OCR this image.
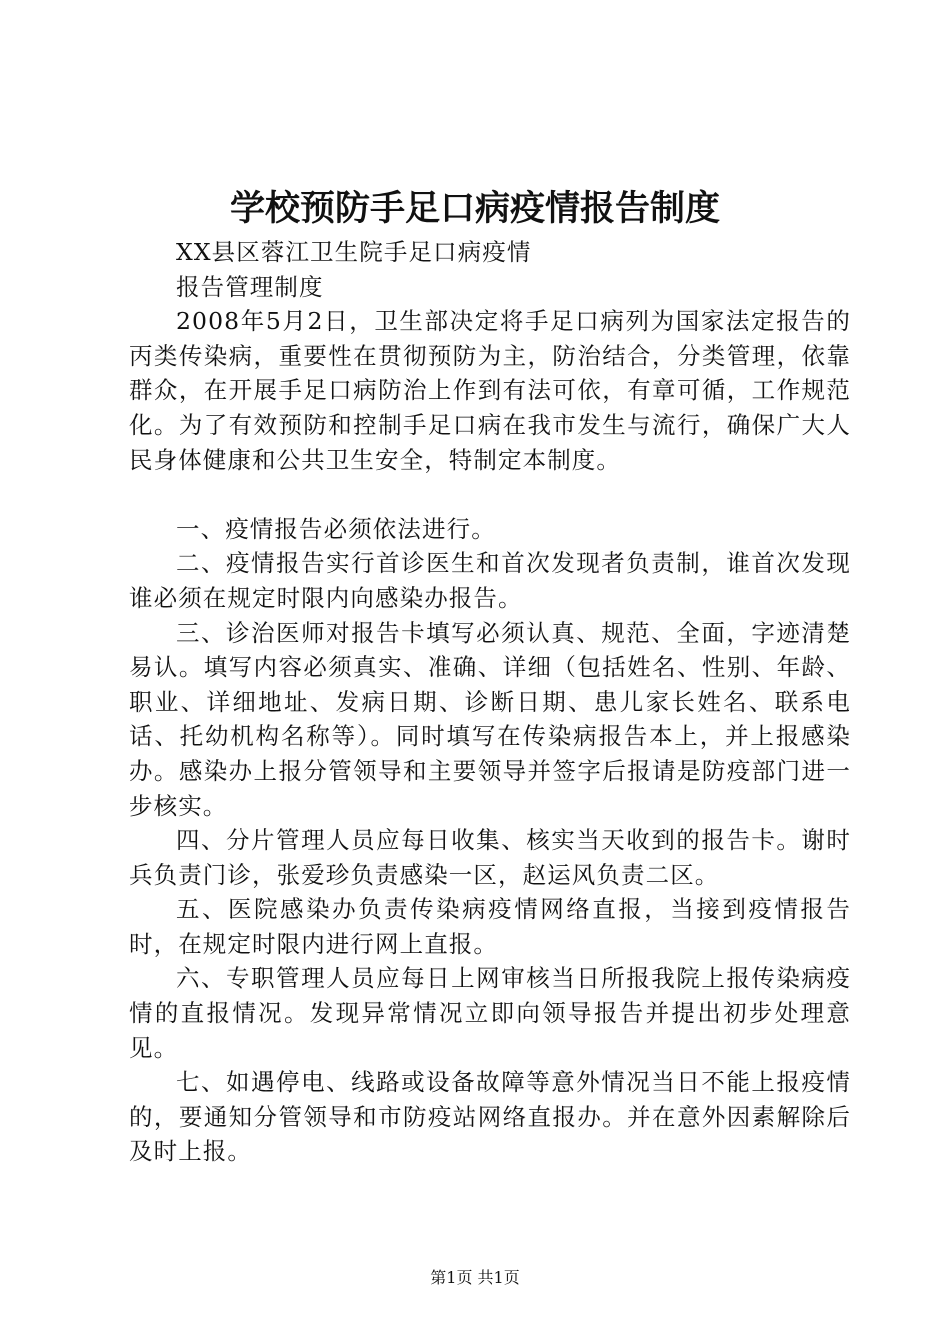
学校预防手足口病疫情报告制度

XX县区蓉江卫生院手足口病疫情

报告管理制度

2008年5月2日，卫生部决定将手足口病列为国家法定报告的丙类传染病，重要性在贯彻预防为主，防治结合，分类管理，依靠群众，在开展手足口病防治上作到有法可依，有章可循，工作规范化。为了有效预防和控制手足口病在我市发生与流行，确保广大人民身体健康和公共卫生安全，特制定本制度。

一、疫情报告必须依法进行。

二、疫情报告实行首诊医生和首次发现者负责制，谁首次发现谁必须在规定时限内向感染办报告。

三、诊治医师对报告卡填写必须认真、规范、全面，字迹清楚易认。填写内容必须真实、准确、详细（包括姓名、性别、年龄、职业、详细地址、发病日期、诊断日期、患儿家长姓名、联系电话、托幼机构名称等）。同时填写在传染病报告本上，并上报感染办。感染办上报分管领导和主要领导并签字后报请是防疫部门进一步核实。

四、分片管理人员应每日收集、核实当天收到的报告卡。谢时兵负责门诊，张爱珍负责感染一区，赵运风负责二区。

五、医院感染办负责传染病疫情网络直报，当接到疫情报告时，在规定时限内进行网上直报。

六、专职管理人员应每日上网审核当日所报我院上报传染病疫情的直报情况。发现异常情况立即向领导报告并提出初步处理意见。

七、如遇停电、线路或设备故障等意外情况当日不能上报疫情的，要通知分管领导和市防疫站网络直报办。并在意外因素解除后及时上报。

第1页 共1页
